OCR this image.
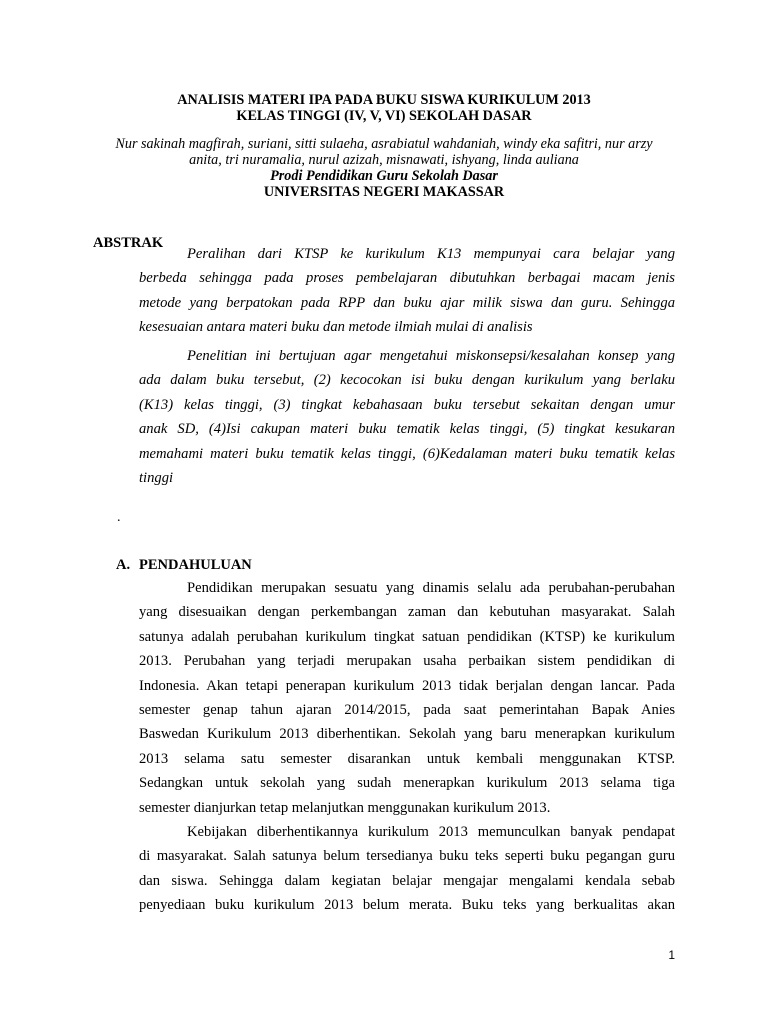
ANALISIS MATERI IPA PADA BUKU SISWA KURIKULUM 2013

KELAS TINGGI (IV, V, VI) SEKOLAH DASAR

Nur sakinah magfirah, suriani, sitti sulaeha, asrabiatul wahdaniah, windy eka safitri, nur arzy

anita, tri nuramalia, nurul azizah, misnawati, ishyang, linda auliana

Prodi Pendidikan Guru Sekolah Dasar

UNIVERSITAS NEGERI MAKASSAR

ABSTRAK

Peralihan dari KTSP ke kurikulum K13 mempunyai cara belajar yang
berbeda sehingga pada proses pembelajaran dibutuhkan berbagai macam jenis
metode yang berpatokan pada RPP dan buku ajar milik siswa dan guru. Sehingga
kesesuaian antara materi buku dan metode ilmiah mulai di analisis
Penelitian ini bertujuan agar mengetahui miskonsepsi/kesalahan konsep yang
ada dalam buku tersebut, (2) kecocokan isi buku dengan kurikulum yang berlaku
(K13) kelas tinggi, (3) tingkat kebahasaan buku tersebut sekaitan dengan umur
anak SD, (4)Isi cakupan materi buku tematik kelas tinggi, (5) tingkat kesukaran
memahami materi buku tematik kelas tinggi, (6)Kedalaman materi buku tematik kelas
tinggi

.

A. PENDAHULUAN

Pendidikan merupakan sesuatu yang dinamis selalu ada perubahan-perubahan
yang disesuaikan dengan perkembangan zaman dan kebutuhan masyarakat. Salah
satunya adalah perubahan kurikulum tingkat satuan pendidikan (KTSP) ke kurikulum
2013. Perubahan yang terjadi merupakan usaha perbaikan sistem pendidikan di
Indonesia. Akan tetapi penerapan kurikulum 2013 tidak berjalan dengan lancar. Pada
semester genap tahun ajaran 2014/2015, pada saat pemerintahan Bapak Anies
Baswedan Kurikulum 2013 diberhentikan. Sekolah yang baru menerapkan kurikulum
2013 selama satu semester disarankan untuk kembali menggunakan KTSP.
Sedangkan untuk sekolah yang sudah menerapkan kurikulum 2013 selama tiga
semester dianjurkan tetap melanjutkan menggunakan kurikulum 2013.
Kebijakan diberhentikannya kurikulum 2013 memunculkan banyak pendapat
di masyarakat. Salah satunya belum tersedianya buku teks seperti buku pegangan guru
dan siswa. Sehingga dalam kegiatan belajar mengajar mengalami kendala sebab
penyediaan buku kurikulum 2013 belum merata. Buku teks yang berkualitas akan

1
